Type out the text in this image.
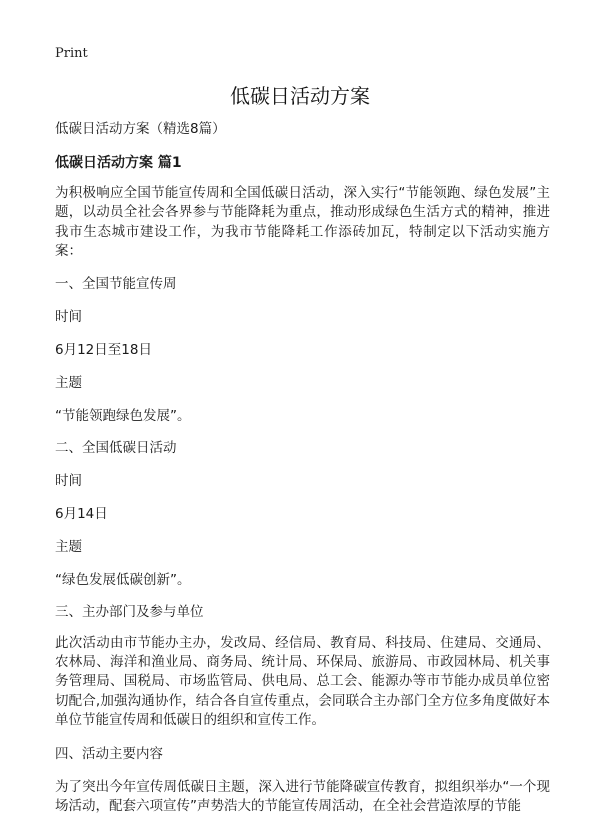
Print
低碳日活动方案

低碳日活动方案（精选8篇）

低碳日活动方案 篇1

为积极响应全国节能宣传周和全国低碳日活动，深入实行“节能领跑、绿色发展”主题，以动员全社会各界参与节能降耗为重点，推动形成绿色生活方式的精神，推进我市生态城市建设工作，为我市节能降耗工作添砖加瓦，特制定以下活动实施方案：

一、全国节能宣传周

时间

6月12日至18日

主题

“节能领跑绿色发展”。

二、全国低碳日活动

时间

6月14日

主题

“绿色发展低碳创新”。

三、主办部门及参与单位

此次活动由市节能办主办，发改局、经信局、教育局、科技局、住建局、交通局、农林局、海洋和渔业局、商务局、统计局、环保局、旅游局、市政园林局、机关事务管理局、国税局、市场监管局、供电局、总工会、能源办等市节能办成员单位密切配合,加强沟通协作，结合各自宣传重点，会同联合主办部门全方位多角度做好本单位节能宣传周和低碳日的组织和宣传工作。

四、活动主要内容

为了突出今年宣传周低碳日主题，深入进行节能降碳宣传教育，拟组织举办“一个现场活动，配套六项宣传”声势浩大的节能宣传周活动，在全社会营造浓厚的节能
